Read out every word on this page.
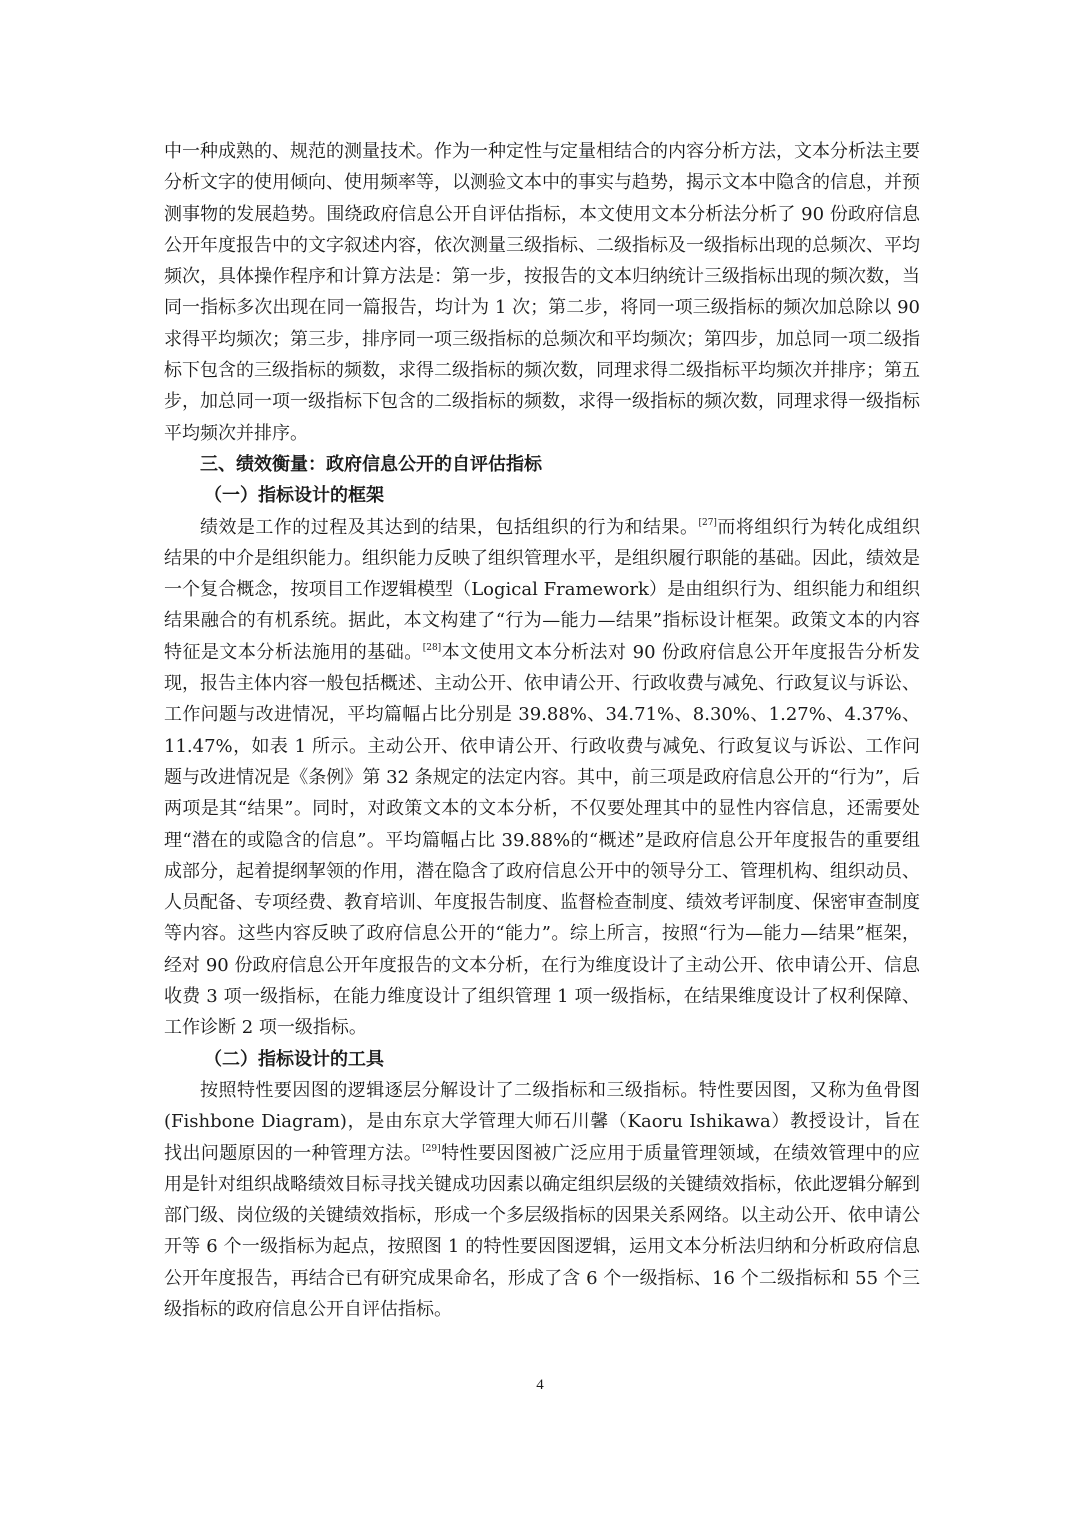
中一种成熟的、规范的测量技术。作为一种定性与定量相结合的内容分析方法，文本分析法主要分析文字的使用倾向、使用频率等，以测验文本中的事实与趋势，揭示文本中隐含的信息，并预测事物的发展趋势。围绕政府信息公开自评估指标，本文使用文本分析法分析了 90 份政府信息公开年度报告中的文字叙述内容，依次测量三级指标、二级指标及一级指标出现的总频次、平均频次，具体操作程序和计算方法是：第一步，按报告的文本归纳统计三级指标出现的频次数，当同一指标多次出现在同一篇报告，均计为 1 次；第二步，将同一项三级指标的频次加总除以 90 求得平均频次；第三步，排序同一项三级指标的总频次和平均频次；第四步，加总同一项二级指标下包含的三级指标的频数，求得二级指标的频次数，同理求得二级指标平均频次并排序；第五步，加总同一项一级指标下包含的二级指标的频数，求得一级指标的频次数，同理求得一级指标平均频次并排序。

三、绩效衡量：政府信息公开的自评估指标

（一）指标设计的框架

绩效是工作的过程及其达到的结果，包括组织的行为和结果。[27]而将组织行为转化成组织结果的中介是组织能力。组织能力反映了组织管理水平，是组织履行职能的基础。因此，绩效是一个复合概念，按项目工作逻辑模型（Logical Framework）是由组织行为、组织能力和组织结果融合的有机系统。据此，本文构建了“行为—能力—结果”指标设计框架。政策文本的内容特征是文本分析法施用的基础。[28]本文使用文本分析法对 90 份政府信息公开年度报告分析发现，报告主体内容一般包括概述、主动公开、依申请公开、行政收费与减免、行政复议与诉讼、工作问题与改进情况，平均篇幅占比分别是 39.88%、34.71%、8.30%、1.27%、4.37%、11.47%，如表 1 所示。主动公开、依申请公开、行政收费与减免、行政复议与诉讼、工作问题与改进情况是《条例》第 32 条规定的法定内容。其中，前三项是政府信息公开的“行为”，后两项是其“结果”。同时，对政策文本的文本分析，不仅要处理其中的显性内容信息，还需要处理“潜在的或隐含的信息”。平均篇幅占比 39.88%的“概述”是政府信息公开年度报告的重要组成部分，起着提纲挈领的作用，潜在隐含了政府信息公开中的领导分工、管理机构、组织动员、人员配备、专项经费、教育培训、年度报告制度、监督检查制度、绩效考评制度、保密审查制度等内容。这些内容反映了政府信息公开的“能力”。综上所言，按照“行为—能力—结果”框架，经对 90 份政府信息公开年度报告的文本分析，在行为维度设计了主动公开、依申请公开、信息收费 3 项一级指标，在能力维度设计了组织管理 1 项一级指标，在结果维度设计了权利保障、工作诊断 2 项一级指标。

（二）指标设计的工具

按照特性要因图的逻辑逐层分解设计了二级指标和三级指标。特性要因图，又称为鱼骨图(Fishbone Diagram)，是由东京大学管理大师石川馨（Kaoru Ishikawa）教授设计，旨在找出问题原因的一种管理方法。[29]特性要因图被广泛应用于质量管理领域，在绩效管理中的应用是针对组织战略绩效目标寻找关键成功因素以确定组织层级的关键绩效指标，依此逻辑分解到部门级、岗位级的关键绩效指标，形成一个多层级指标的因果关系网络。以主动公开、依申请公开等 6 个一级指标为起点，按照图 1 的特性要因图逻辑，运用文本分析法归纳和分析政府信息公开年度报告，再结合已有研究成果命名，形成了含 6 个一级指标、16 个二级指标和 55 个三级指标的政府信息公开自评估指标。

4
